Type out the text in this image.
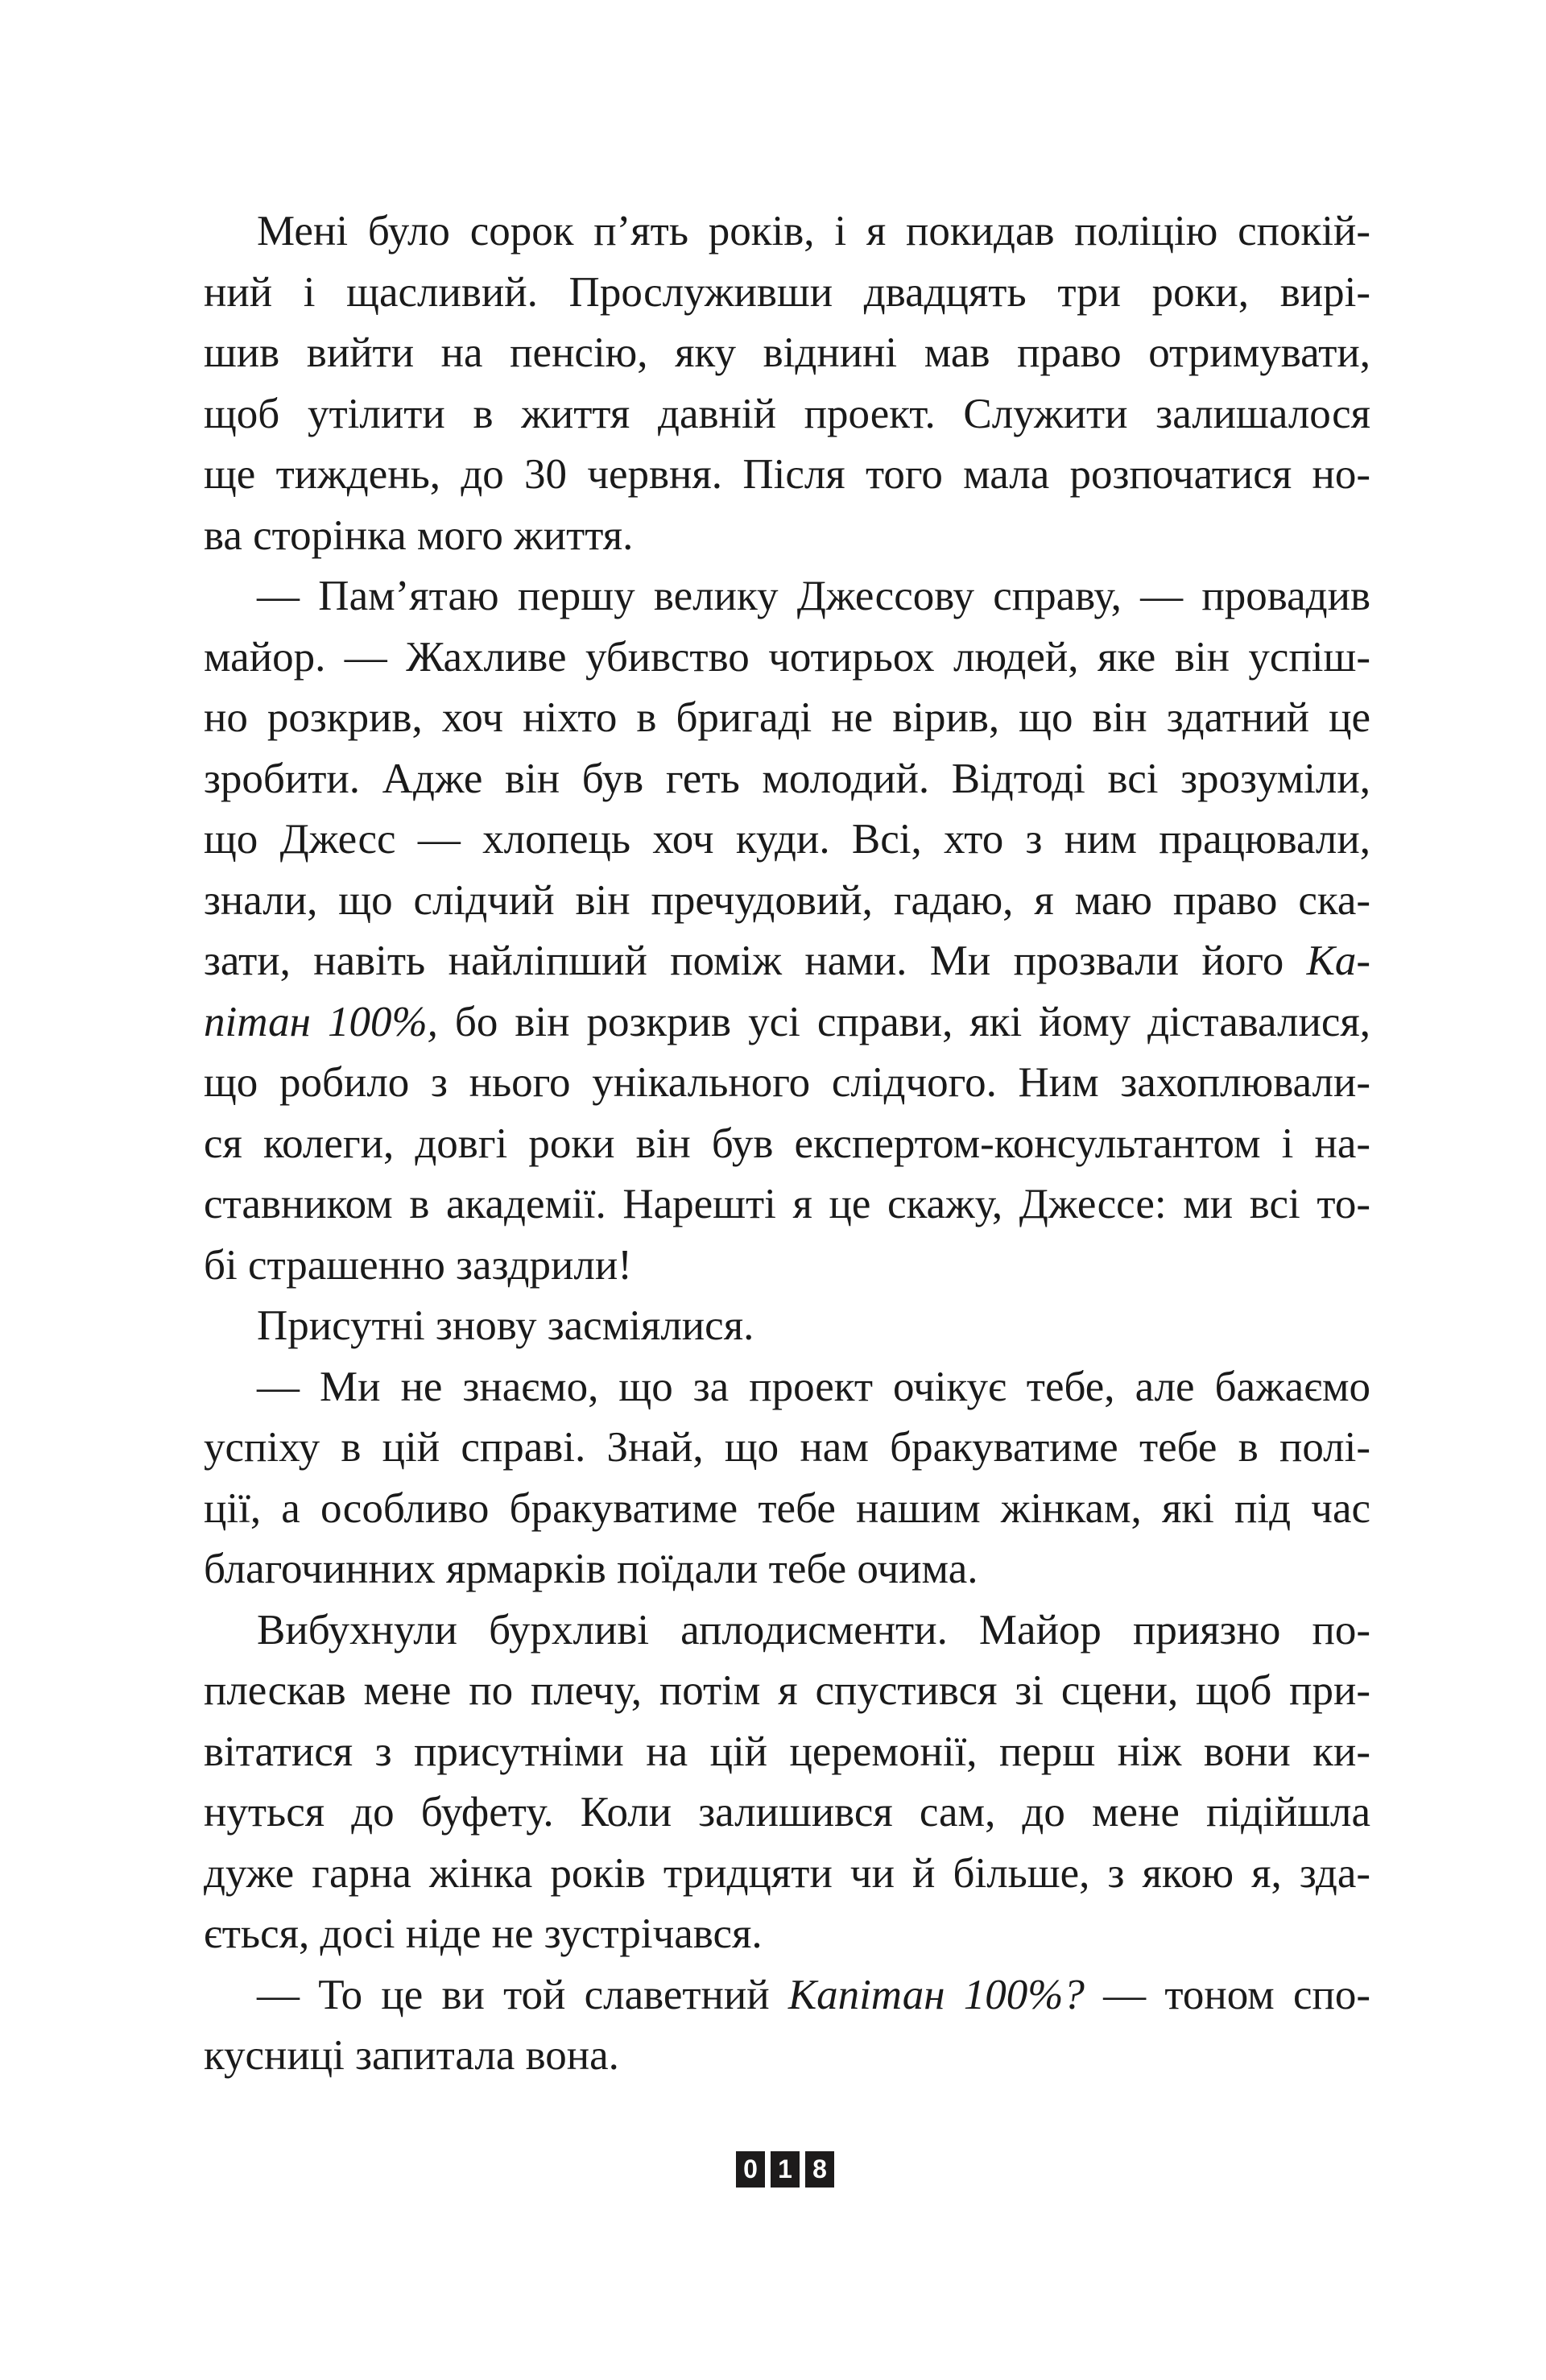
Мені було сорок п’ять років, і я покидав поліцію спокій-
ний і щасливий. Прослуживши двадцять три роки, вирі-
шив вийти на пенсію, яку віднині мав право отримувати,
щоб утілити в життя давній проект. Служити залишалося
ще тиждень, до 30 червня. Після того мала розпочатися но-
ва сторінка мого життя.
— Пам’ятаю першу велику Джессову справу, — провадив
майор. — Жахливе убивство чотирьох людей, яке він успіш-
но розкрив, хоч ніхто в бригаді не вірив, що він здатний це
зробити. Адже він був геть молодий. Відтоді всі зрозуміли,
що Джесс — хлопець хоч куди. Всі, хто з ним працювали,
знали, що слідчий він пречудовий, гадаю, я маю право ска-
зати, навіть найліпший поміж нами. Ми прозвали його Ка-
пітан 100%, бо він розкрив усі справи, які йому діставалися,
що робило з нього унікального слідчого. Ним захоплювали-
ся колеги, довгі роки він був експертом-консультантом і на-
ставником в академії. Нарешті я це скажу, Джессе: ми всі то-
бі страшенно заздрили!
Присутні знову засміялися.
— Ми не знаємо, що за проект очікує тебе, але бажаємо
успіху в цій справі. Знай, що нам бракуватиме тебе в полі-
ції, а особливо бракуватиме тебе нашим жінкам, які під час
благочинних ярмарків поїдали тебе очима.
Вибухнули бурхливі аплодисменти. Майор приязно по-
плескав мене по плечу, потім я спустився зі сцени, щоб при-
вітатися з присутніми на цій церемонії, перш ніж вони ки-
нуться до буфету. Коли залишився сам, до мене підійшла
дуже гарна жінка років тридцяти чи й більше, з якою я, зда-
ється, досі ніде не зустрічався.
— То це ви той славетний Капітан 100%? — тоном спо-
кусниці запитала вона.
0 1 8
